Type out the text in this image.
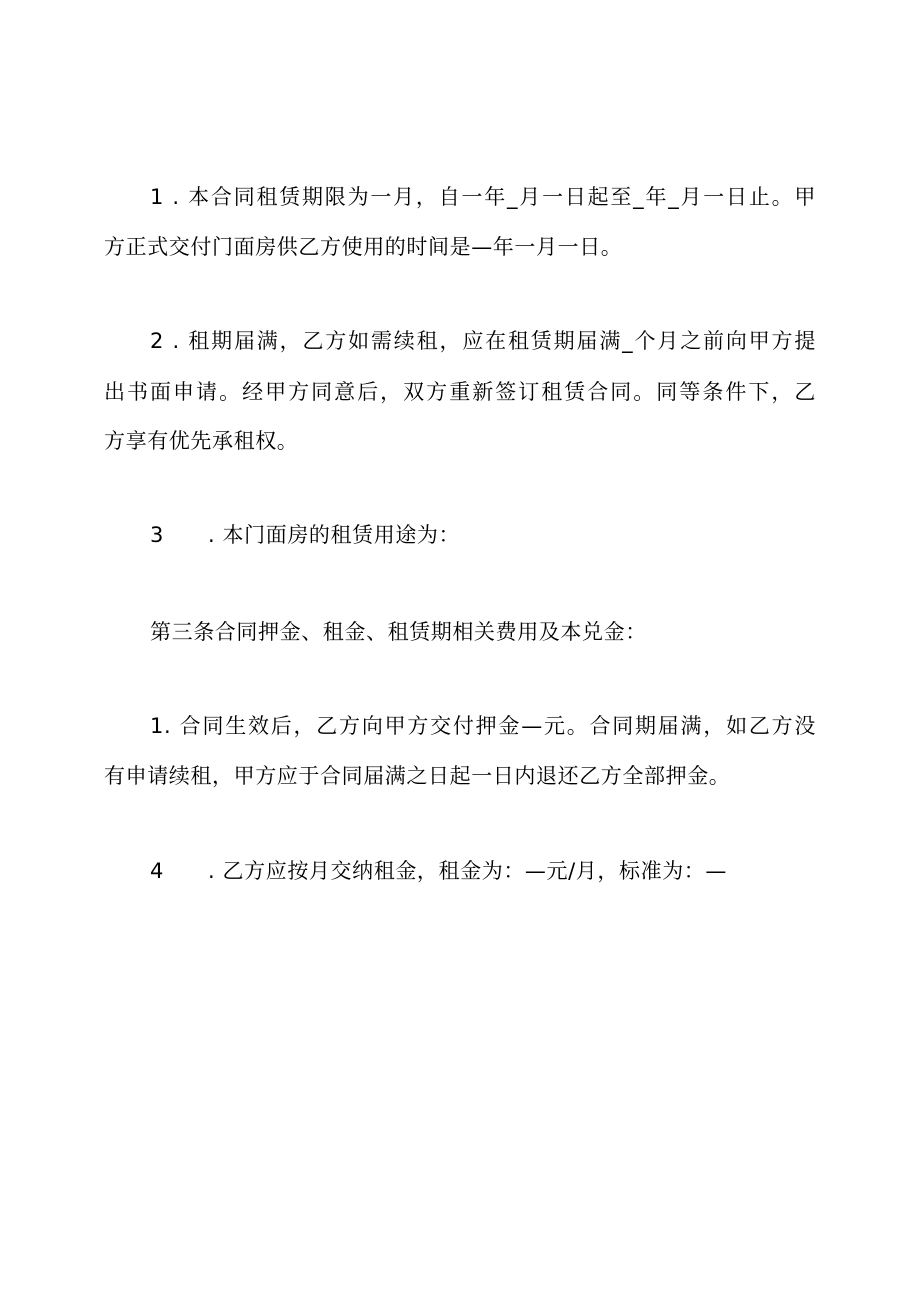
1 . 本合同租赁期限为一月，自一年_月一日起至_年_月一日止。甲
方正式交付门面房供乙方使用的时间是—年一月一日。
2 . 租期届满，乙方如需续租，应在租赁期届满_个月之前向甲方提
出书面申请。经甲方同意后，双方重新签订租赁合同。同等条件下，乙
方享有优先承租权。
3 . 本门面房的租赁用途为：
第三条合同押金、租金、租赁期相关费用及本兑金：
1. 合同生效后，乙方向甲方交付押金—元。合同期届满，如乙方没
有申请续租，甲方应于合同届满之日起一日内退还乙方全部押金。
4 . 乙方应按月交纳租金，租金为：—元/月，标准为：—
